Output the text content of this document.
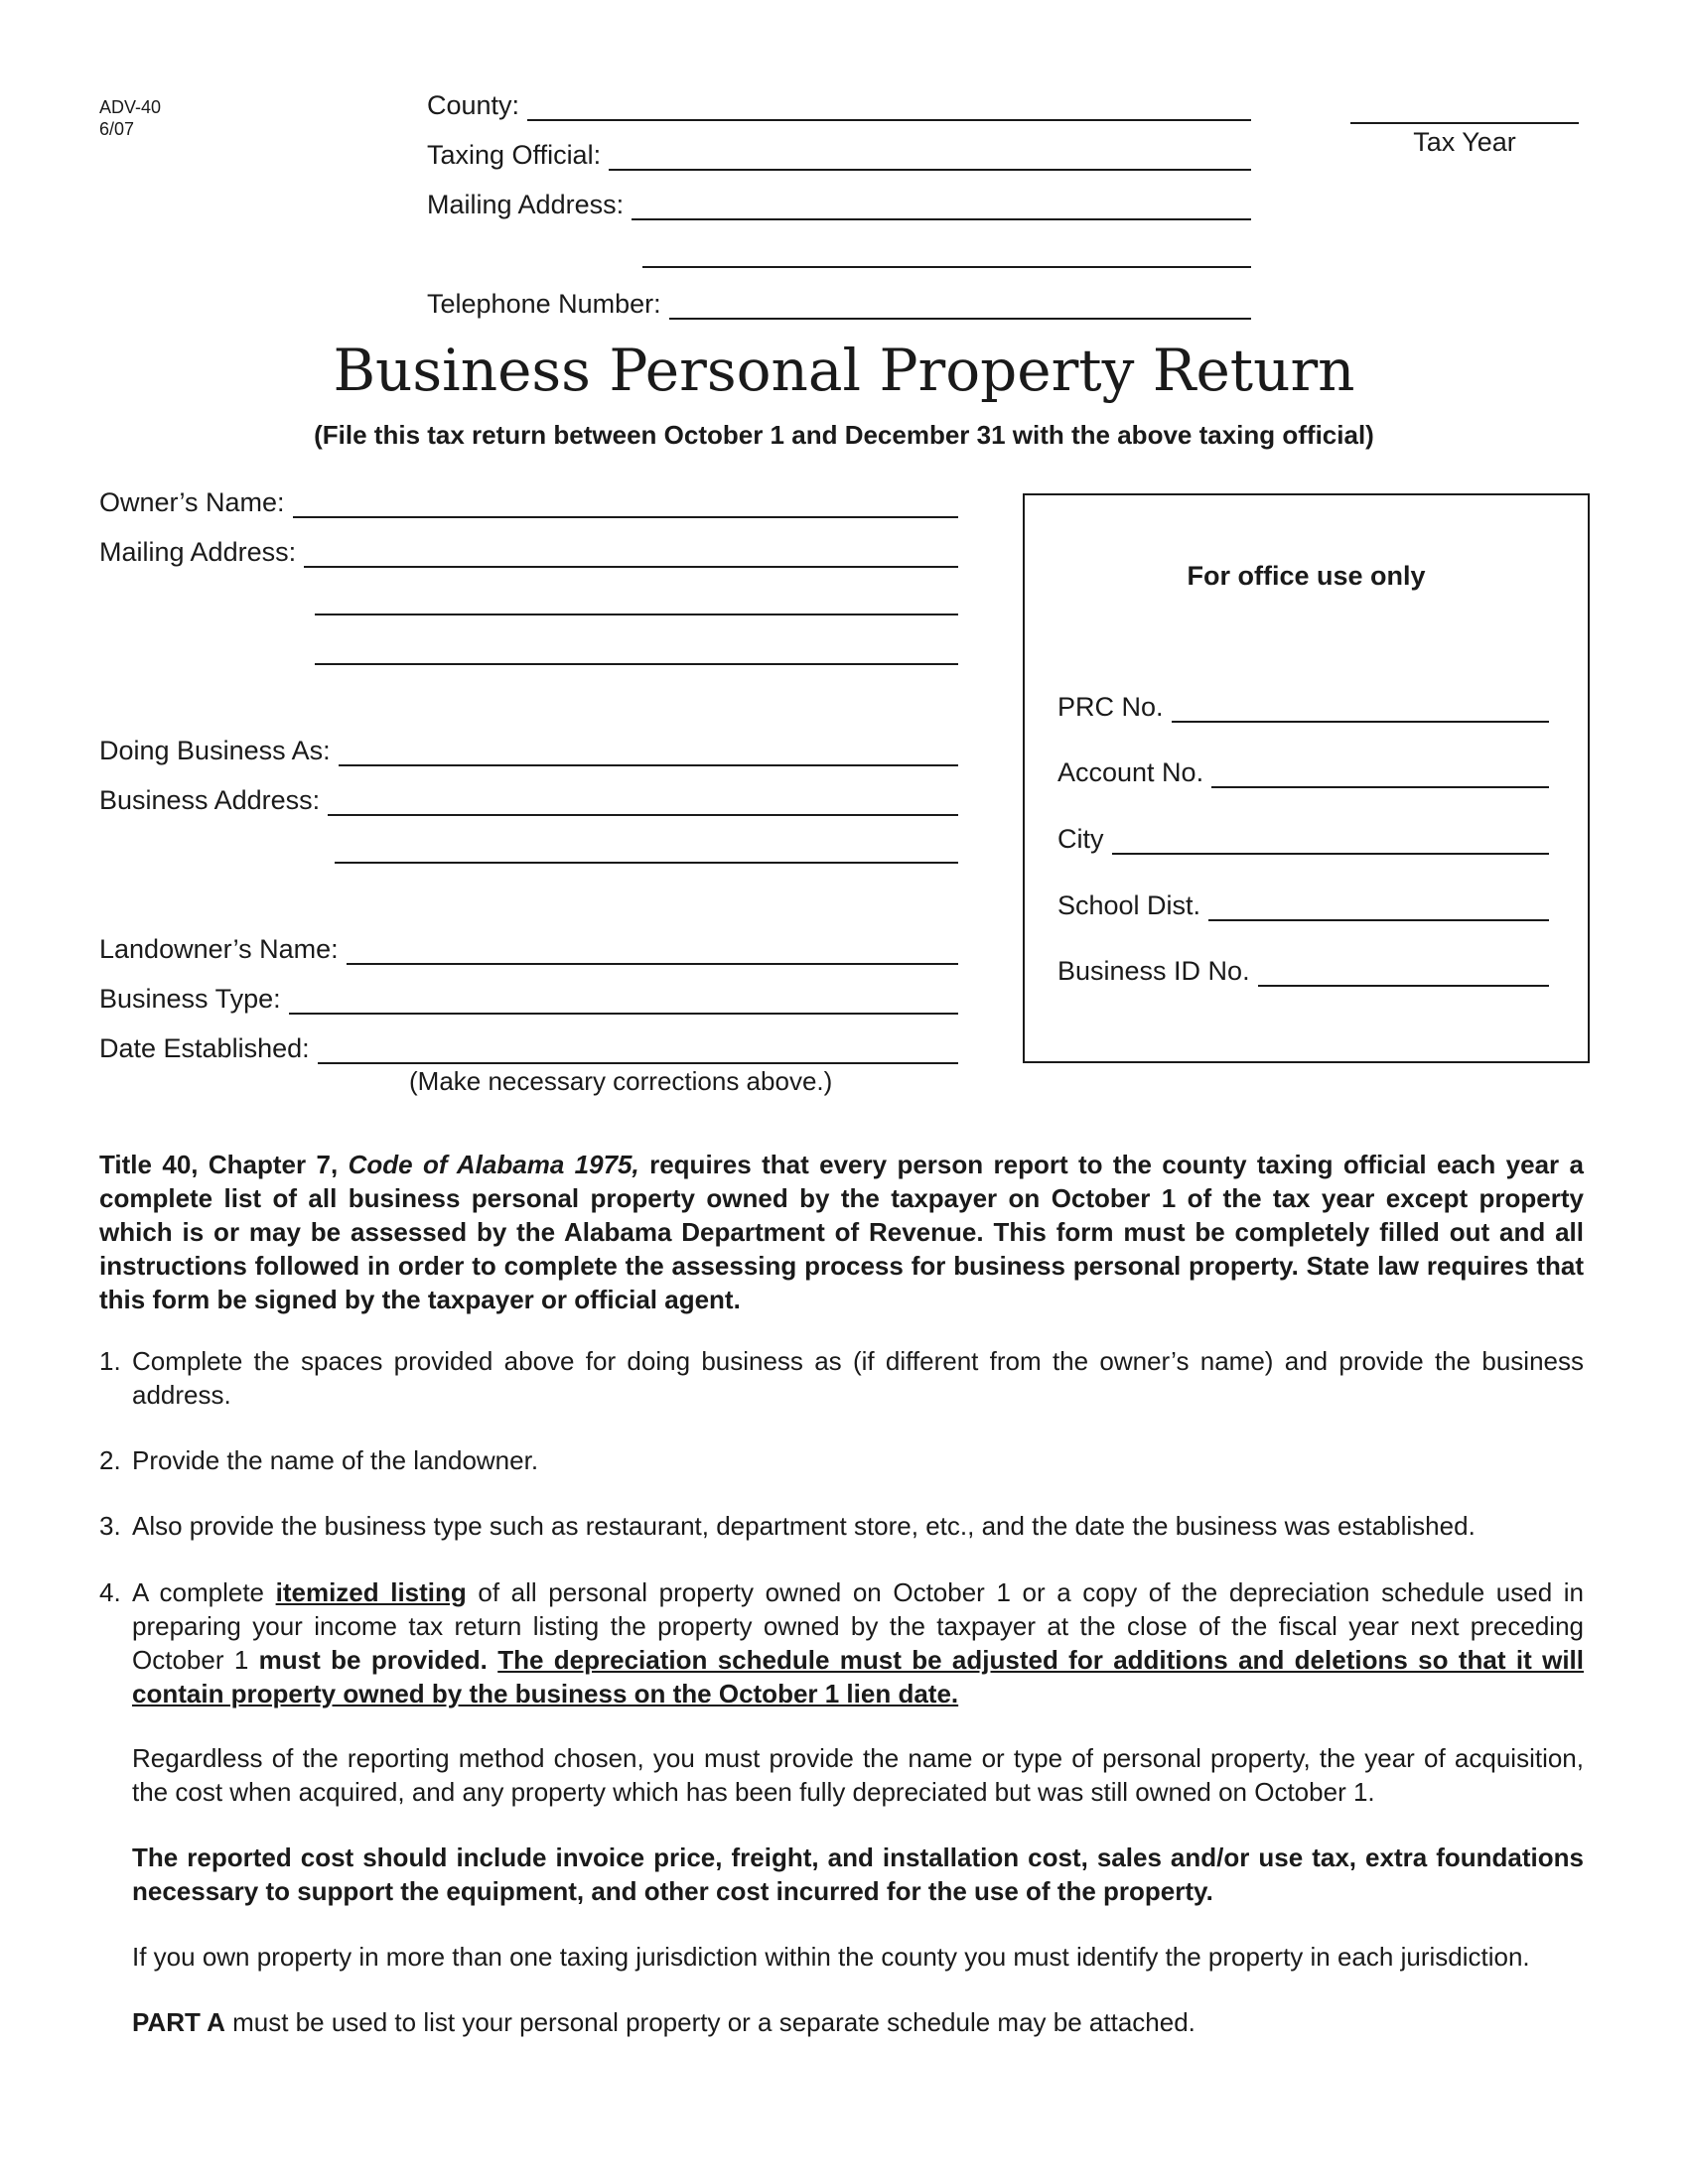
ADV-40
6/07
County:
Taxing Official:
Mailing Address:
Telephone Number:
Tax Year
Business Personal Property Return
(File this tax return between October 1 and December 31 with the above taxing official)
Owner’s Name:
Mailing Address:
Doing Business As:
Business Address:
Landowner’s Name:
Business Type:
Date Established:
(Make necessary corrections above.)
For office use only
PRC No.
Account No.
City
School Dist.
Business ID No.
Title 40, Chapter 7, Code of Alabama 1975, requires that every person report to the county taxing official each year a complete list of all business personal property owned by the taxpayer on October 1 of the tax year except property which is or may be assessed by the Alabama Department of Revenue. This form must be completely filled out and all instructions followed in order to complete the assessing process for business personal property. State law requires that this form be signed by the taxpayer or official agent.
1. Complete the spaces provided above for doing business as (if different from the owner’s name) and provide the business address.
2. Provide the name of the landowner.
3. Also provide the business type such as restaurant, department store, etc., and the date the business was established.
4. A complete itemized listing of all personal property owned on October 1 or a copy of the depreciation schedule used in preparing your income tax return listing the property owned by the taxpayer at the close of the fiscal year next preceding October 1 must be provided. The depreciation schedule must be adjusted for additions and deletions so that it will contain property owned by the business on the October 1 lien date.
Regardless of the reporting method chosen, you must provide the name or type of personal property, the year of acquisition, the cost when acquired, and any property which has been fully depreciated but was still owned on October 1.
The reported cost should include invoice price, freight, and installation cost, sales and/or use tax, extra foundations necessary to support the equipment, and other cost incurred for the use of the property.
If you own property in more than one taxing jurisdiction within the county you must identify the property in each jurisdiction.
PART A must be used to list your personal property or a separate schedule may be attached.
